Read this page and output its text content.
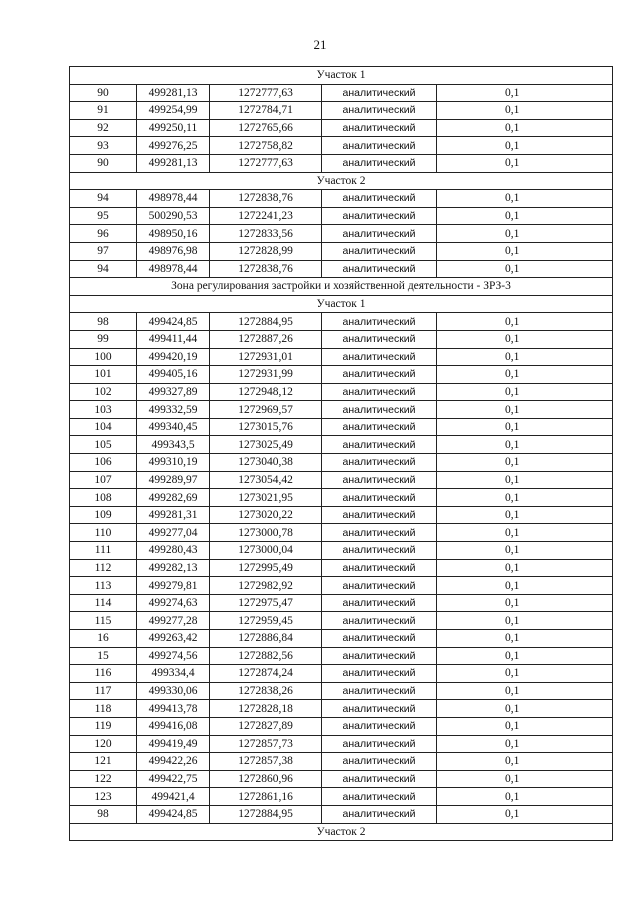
21
Участок 1				
90	499281,13	1272777,63	аналитический	0,1
91	499254,99	1272784,71	аналитический	0,1
92	499250,11	1272765,66	аналитический	0,1
93	499276,25	1272758,82	аналитический	0,1
90	499281,13	1272777,63	аналитический	0,1
Участок 2				
94	498978,44	1272838,76	аналитический	0,1
95	500290,53	1272241,23	аналитический	0,1
96	498950,16	1272833,56	аналитический	0,1
97	498976,98	1272828,99	аналитический	0,1
94	498978,44	1272838,76	аналитический	0,1
Зона регулирования застройки и хозяйственной деятельности - ЗРЗ-3				
Участок 1				
98	499424,85	1272884,95	аналитический	0,1
99	499411,44	1272887,26	аналитический	0,1
100	499420,19	1272931,01	аналитический	0,1
101	499405,16	1272931,99	аналитический	0,1
102	499327,89	1272948,12	аналитический	0,1
103	499332,59	1272969,57	аналитический	0,1
104	499340,45	1273015,76	аналитический	0,1
105	499343,5	1273025,49	аналитический	0,1
106	499310,19	1273040,38	аналитический	0,1
107	499289,97	1273054,42	аналитический	0,1
108	499282,69	1273021,95	аналитический	0,1
109	499281,31	1273020,22	аналитический	0,1
110	499277,04	1273000,78	аналитический	0,1
111	499280,43	1273000,04	аналитический	0,1
112	499282,13	1272995,49	аналитический	0,1
113	499279,81	1272982,92	аналитический	0,1
114	499274,63	1272975,47	аналитический	0,1
115	499277,28	1272959,45	аналитический	0,1
16	499263,42	1272886,84	аналитический	0,1
15	499274,56	1272882,56	аналитический	0,1
116	499334,4	1272874,24	аналитический	0,1
117	499330,06	1272838,26	аналитический	0,1
118	499413,78	1272828,18	аналитический	0,1
119	499416,08	1272827,89	аналитический	0,1
120	499419,49	1272857,73	аналитический	0,1
121	499422,26	1272857,38	аналитический	0,1
122	499422,75	1272860,96	аналитический	0,1
123	499421,4	1272861,16	аналитический	0,1
98	499424,85	1272884,95	аналитический	0,1
Участок 2				
